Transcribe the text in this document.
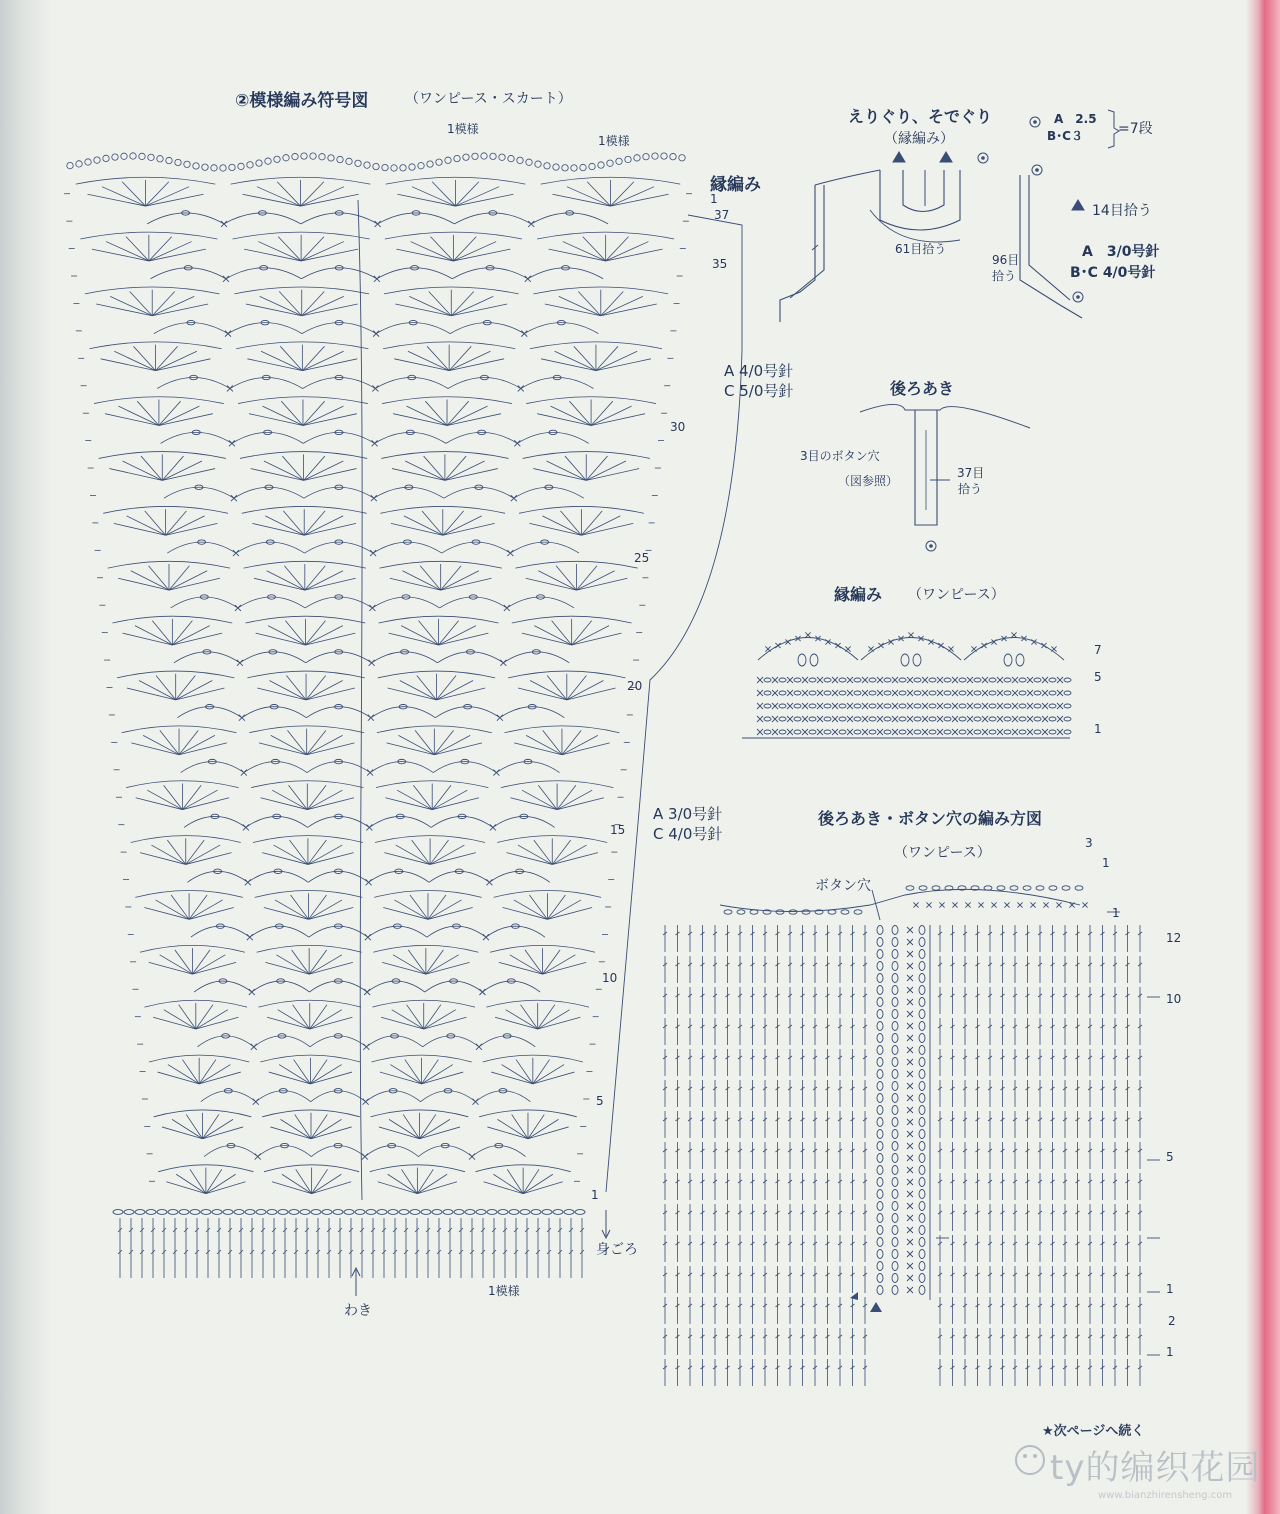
②模様編み符号図	（ワンピース・スカート）
1模様
1模様
縁編み
1
37
35
30
25
20
15
10
5
1
A 4/0号針
C 5/0号針
A 3/0号針
C 4/0号針
身ごろ
わき
1模様
えりぐり、そでぐり
（縁編み）
A　2.5
B･C３	=7段
14目拾う
61目拾う
96目
拾う
A　3/0号針
B･C 4/0号針
後ろあき
3目のボタン穴
（図参照）
37目
拾う
縁編み （ワンピース）
7
5
1
後ろあき・ボタン穴の編み方図
（ワンピース）
ボタン穴
3
1
1
12
10
5
1
2
1
★次ページへ続く
ty的编织花园
www.bianzhirensheng.com
